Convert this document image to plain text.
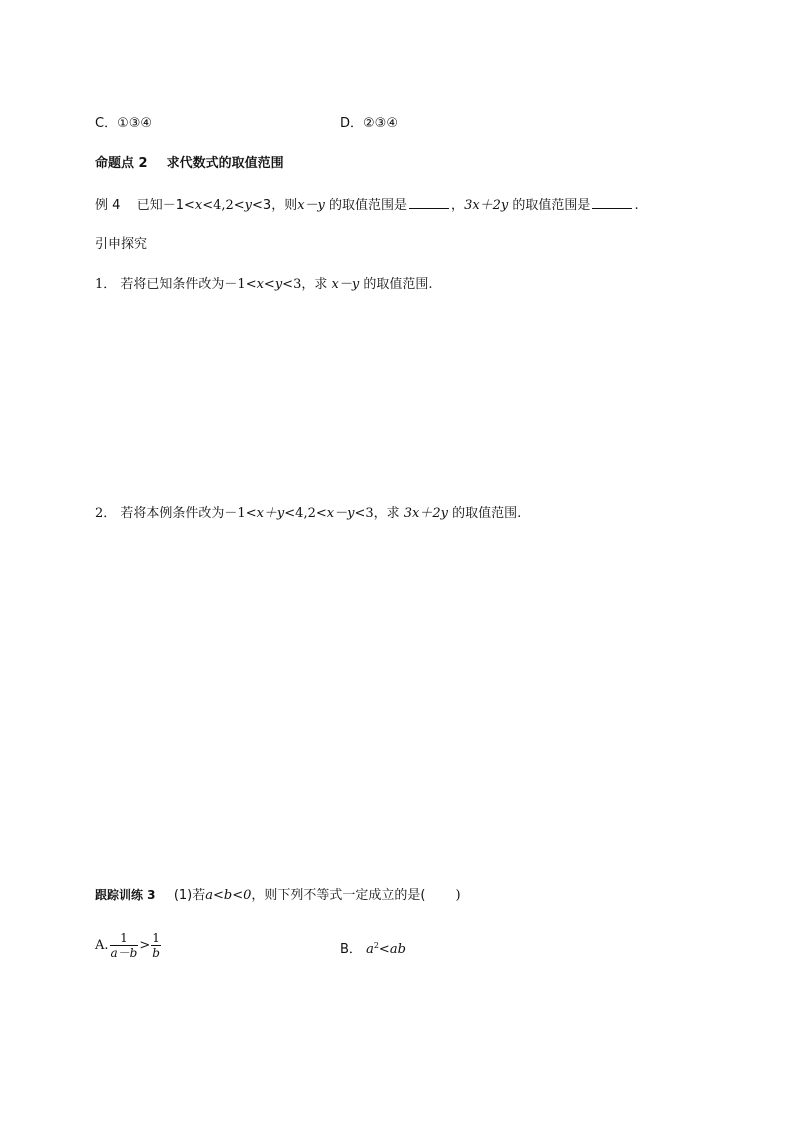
C．①③④	D．②③④
命题点 2 求代数式的取值范围
例 4 已知－1<x<4,2<y<3，则x－y 的取值范围是	，3x＋2y 的取值范围是	.
引申探究
1． 若将已知条件改为－1<x<y<3，求 x－y 的取值范围.
2． 若将本例条件改为－1<x＋y<4,2<x－y<3，求 3x＋2y 的取值范围.
跟踪训练 3 (1)若a<b<0，则下列不等式一定成立的是( )
A. $\frac{1}{a-b} > \frac{1}{b}$	B． $a^2<ab$
